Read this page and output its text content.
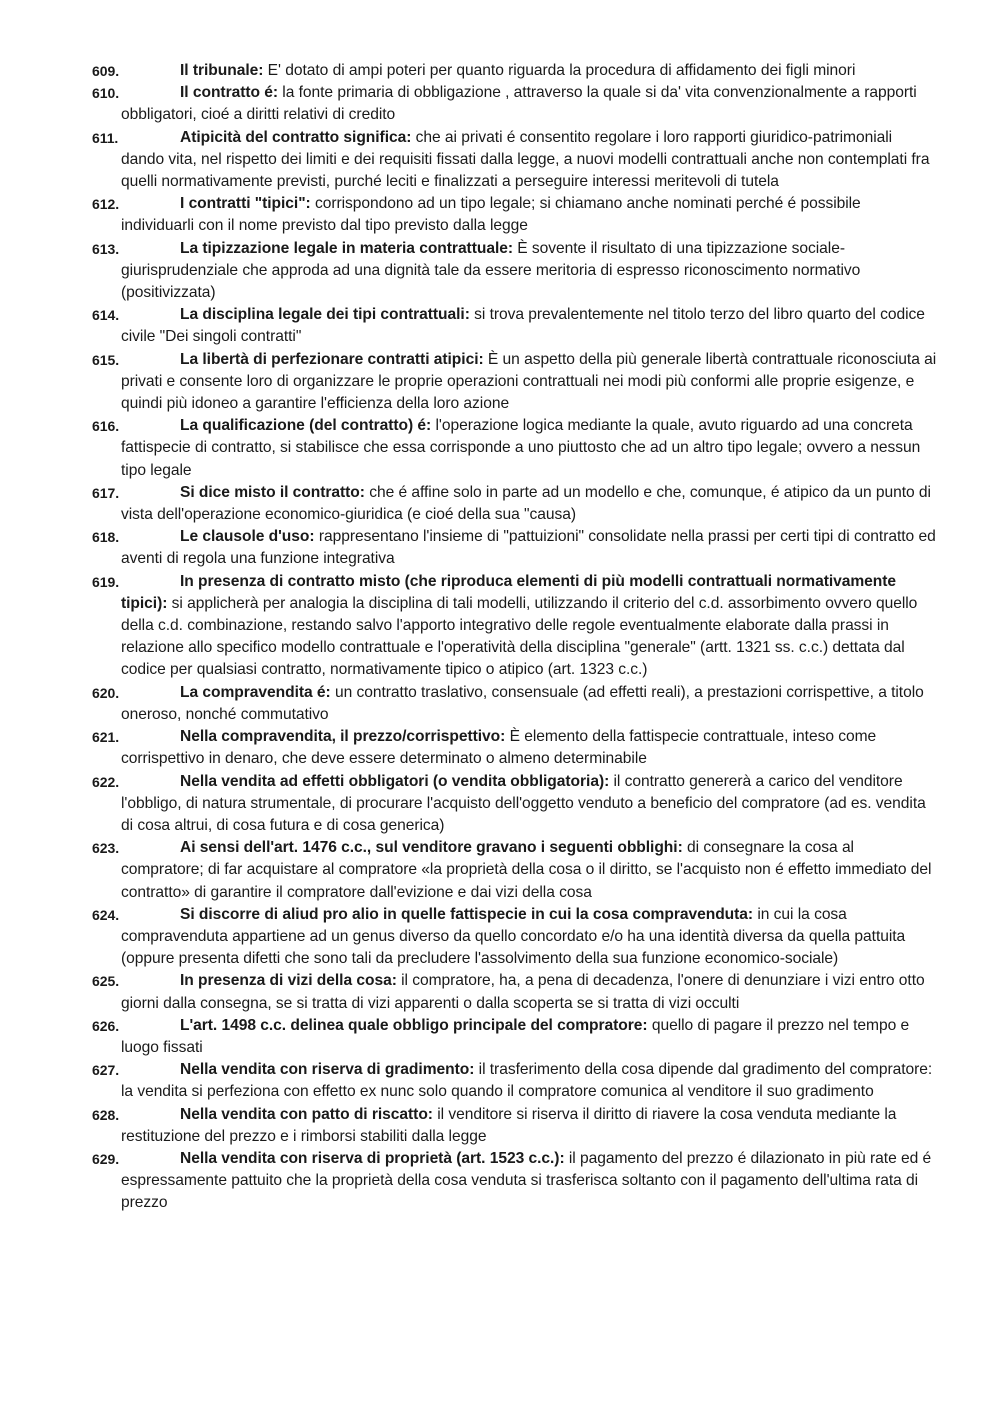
609.	Il tribunale: E' dotato di ampi poteri per quanto riguarda la procedura di affidamento dei figli minori
610.	Il contratto é: la fonte primaria di obbligazione , attraverso la quale si da' vita convenzionalmente a rapporti obbligatori, cioé a diritti relativi di credito
611.	Atipicità del contratto significa: che ai privati é consentito regolare i loro rapporti giuridico-patrimoniali dando vita, nel rispetto dei limiti e dei requisiti fissati dalla legge, a nuovi modelli contrattuali anche non contemplati fra quelli normativamente previsti, purché leciti e finalizzati a perseguire interessi meritevoli di tutela
612.	I contratti "tipici": corrispondono ad un tipo legale; si chiamano anche nominati perché é possibile individuarli con il nome previsto dal tipo previsto dalla legge
613.	La tipizzazione legale in materia contrattuale: È sovente il risultato di una tipizzazione sociale-giurisprudenziale che approda ad una dignità tale da essere meritoria di espresso riconoscimento normativo (positivizzata)
614.	La disciplina legale dei tipi contrattuali: si trova prevalentemente nel titolo terzo del libro quarto del codice civile "Dei singoli contratti"
615.	La libertà di perfezionare contratti atipici: È un aspetto della più generale libertà contrattuale riconosciuta ai privati e consente loro di organizzare le proprie operazioni contrattuali nei modi più conformi alle proprie esigenze, e quindi più idoneo a garantire l'efficienza della loro azione
616.	La qualificazione (del contratto) é: l'operazione logica mediante la quale, avuto riguardo ad una concreta fattispecie di contratto, si stabilisce che essa corrisponde a uno piuttosto che ad un altro tipo legale; ovvero a nessun tipo legale
617.	Si dice misto il contratto: che é affine solo in parte ad un modello e che, comunque, é atipico da un punto di vista dell'operazione economico-giuridica (e cioé della sua "causa)
618.	Le clausole d'uso: rappresentano l'insieme di "pattuizioni" consolidate nella prassi per certi tipi di contratto ed aventi di regola una funzione integrativa
619.	In presenza di contratto misto (che riproduca elementi di più modelli contrattuali normativamente tipici): si applicherà per analogia la disciplina di tali modelli, utilizzando il criterio del c.d. assorbimento ovvero quello della c.d. combinazione, restando salvo l'apporto integrativo delle regole eventualmente elaborate dalla prassi in relazione allo specifico modello contrattuale e l'operatività della disciplina "generale" (artt. 1321 ss. c.c.) dettata dal codice per qualsiasi contratto, normativamente tipico o atipico (art. 1323 c.c.)
620.	La compravendita é: un contratto traslativo, consensuale (ad effetti reali), a prestazioni corrispettive, a titolo oneroso, nonché commutativo
621.	Nella compravendita, il prezzo/corrispettivo: È elemento della fattispecie contrattuale, inteso come corrispettivo in denaro, che deve essere determinato o almeno determinabile
622.	Nella vendita ad effetti obbligatori (o vendita obbligatoria): il contratto genererà a carico del venditore l'obbligo, di natura strumentale, di procurare l'acquisto dell'oggetto venduto a beneficio del compratore (ad es. vendita di cosa altrui, di cosa futura e di cosa generica)
623.	Ai sensi dell'art. 1476 c.c., sul venditore gravano i seguenti obblighi: di consegnare la cosa al compratore; di far acquistare al compratore «la proprietà della cosa o il diritto, se l'acquisto non é effetto immediato del contratto» di garantire il compratore dall'evizione e dai vizi della cosa
624.	Si discorre di aliud pro alio in quelle fattispecie in cui la cosa compravenduta: in cui la cosa compravenduta appartiene ad un genus diverso da quello concordato e/o ha una identità diversa da quella pattuita (oppure presenta difetti che sono tali da precludere l'assolvimento della sua funzione economico-sociale)
625.	In presenza di vizi della cosa: il compratore, ha, a pena di decadenza, l'onere di denunziare i vizi entro otto giorni dalla consegna, se si tratta di vizi apparenti o dalla scoperta se si tratta di vizi occulti
626.	L'art. 1498 c.c. delinea quale obbligo principale del compratore: quello di pagare il prezzo nel tempo e luogo fissati
627.	Nella vendita con riserva di gradimento: il trasferimento della cosa dipende dal gradimento del compratore: la vendita si perfeziona con effetto ex nunc solo quando il compratore comunica al venditore il suo gradimento
628.	Nella vendita con patto di riscatto: il venditore si riserva il diritto di riavere la cosa venduta mediante la restituzione del prezzo e i rimborsi stabiliti dalla legge
629.	Nella vendita con riserva di proprietà (art. 1523 c.c.): il pagamento del prezzo é dilazionato in più rate ed é espressamente pattuito che la proprietà della cosa venduta si trasferisca soltanto con il pagamento dell'ultima rata di prezzo
